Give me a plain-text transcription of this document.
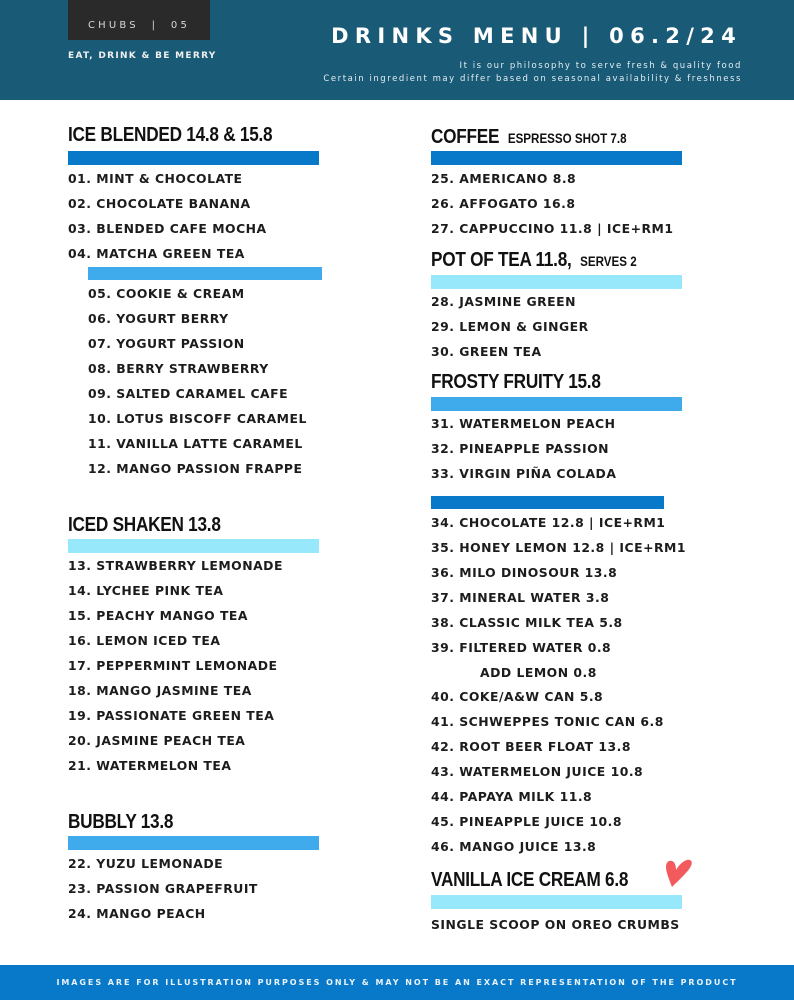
CHUBS  |  05
EAT, DRINK & BE MERRY
DRINKS MENU | 06.2/24
It is our philosophy to serve fresh & quality food
Certain ingredient may differ based on seasonal availability & freshness
ICE BLENDED 14.8 & 15.8
01. MINT & CHOCOLATE
02. CHOCOLATE BANANA
03. BLENDED CAFE MOCHA
04. MATCHA GREEN TEA
05. COOKIE & CREAM
06. YOGURT BERRY
07. YOGURT PASSION
08. BERRY STRAWBERRY
09. SALTED CARAMEL CAFE
10. LOTUS BISCOFF CARAMEL
11. VANILLA LATTE CARAMEL
12. MANGO PASSION FRAPPE
ICED SHAKEN 13.8
13. STRAWBERRY LEMONADE
14. LYCHEE PINK TEA
15. PEACHY MANGO TEA
16. LEMON ICED TEA
17. PEPPERMINT LEMONADE
18. MANGO JASMINE TEA
19. PASSIONATE GREEN TEA
20. JASMINE PEACH TEA
21. WATERMELON TEA
BUBBLY 13.8
22. YUZU LEMONADE
23. PASSION GRAPEFRUIT
24. MANGO PEACH
COFFEE ESPRESSO SHOT 7.8
25. AMERICANO 8.8
26. AFFOGATO 16.8
27. CAPPUCCINO 11.8 | ICE+RM1
POT OF TEA 11.8, SERVES 2
28. JASMINE GREEN
29. LEMON & GINGER
30. GREEN TEA
FROSTY FRUITY 15.8
31. WATERMELON PEACH
32. PINEAPPLE PASSION
33. VIRGIN PIÑA COLADA
34. CHOCOLATE 12.8 | ICE+RM1
35. HONEY LEMON 12.8 | ICE+RM1
36. MILO DINOSOUR 13.8
37. MINERAL WATER 3.8
38. CLASSIC MILK TEA 5.8
39. FILTERED WATER 0.8
ADD LEMON 0.8
40. COKE/A&W CAN 5.8
41. SCHWEPPES TONIC CAN 6.8
42. ROOT BEER FLOAT 13.8
43. WATERMELON JUICE 10.8
44. PAPAYA MILK 11.8
45. PINEAPPLE JUICE 10.8
46. MANGO JUICE 13.8
VANILLA ICE CREAM 6.8
SINGLE SCOOP ON OREO CRUMBS
IMAGES ARE FOR ILLUSTRATION PURPOSES ONLY & MAY NOT BE AN EXACT REPRESENTATION OF THE PRODUCT
